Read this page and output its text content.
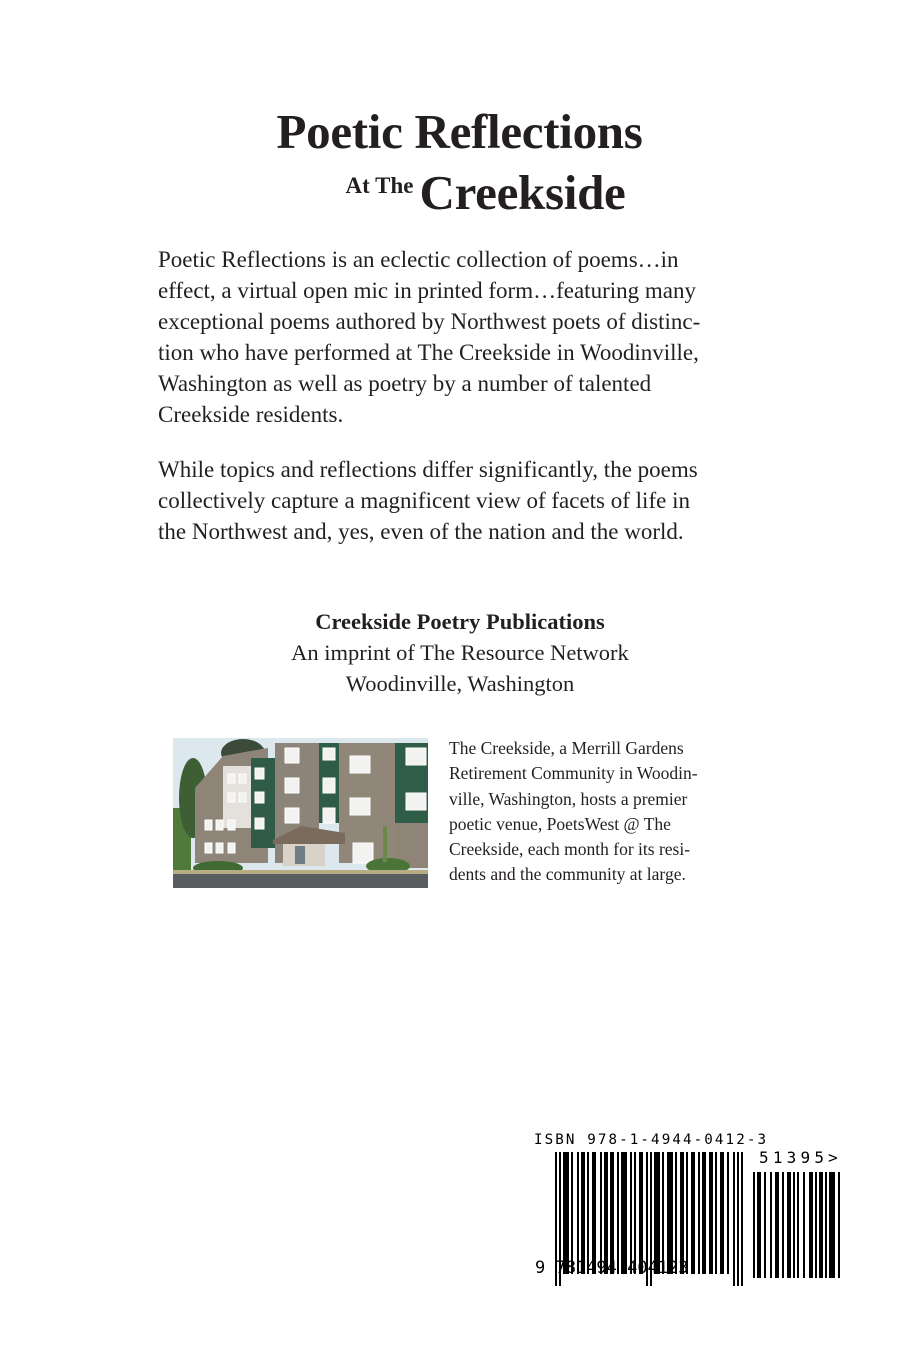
Poetic Reflections
At The Creekside
Poetic Reflections is an eclectic collection of poems…in
effect, a virtual open mic in printed form…featuring many
exceptional poems authored by Northwest poets of distinc-
tion who have performed at The Creekside in Woodinville,
Washington as well as poetry by a number of talented
Creekside residents.
While topics and reflections differ significantly, the poems
collectively capture a magnificent view of facets of life in
the Northwest and, yes, even of the nation and the world.
Creekside Poetry Publications
An imprint of The Resource Network
Woodinville, Washington
The Creekside, a Merrill Gardens
Retirement Community in Woodin-
ville, Washington, hosts a premier
poetic venue, PoetsWest @ The
Creekside, each month for its resi-
dents and the community at large.
ISBN 978-1-4944-0412-3
51395>
9 781494 404123
